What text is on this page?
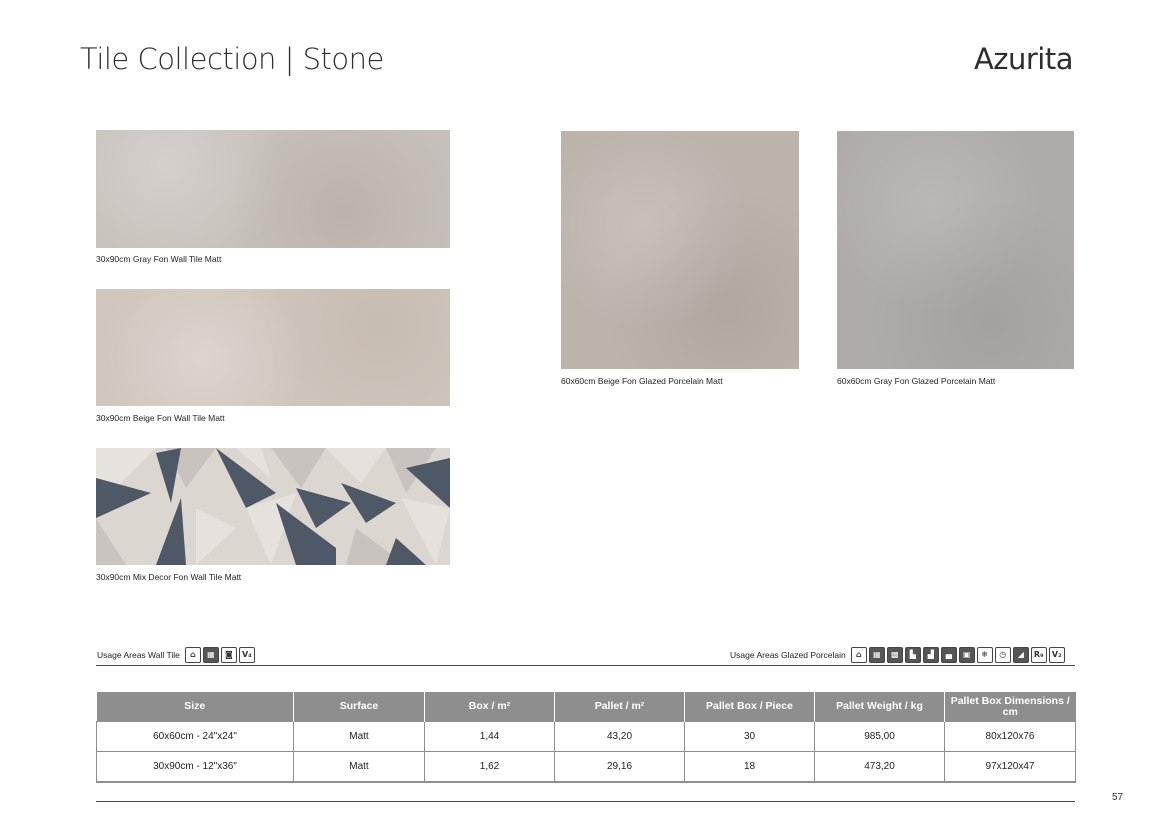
Tile Collection | Stone	Azurita
30x90cm Gray Fon Wall Tile Matt
30x90cm Beige Fon Wall Tile Matt
30x90cm Mix Decor Fon Wall Tile Matt
60x60cm Beige Fon Glazed Porcelain Matt	60x60cm Gray Fon Glazed Porcelain Matt
Usage Areas Wall Tile	⌂	▦	◙	V₄	Usage Areas Glazed Porcelain	⌂	▦	▩	▙	▟	▄	▣	❄	◷	◢	R₉	V₂
Size	Surface	Box / m²	Pallet / m²	Pallet Box / Piece	Pallet Weight / kg	Pallet Box Dimensions / cm
60x60cm - 24"x24"	Matt	1,44	43,20	30	985,00	80x120x76
30x90cm - 12"x36"	Matt	1,62	29,16	18	473,20	97x120x47
57
